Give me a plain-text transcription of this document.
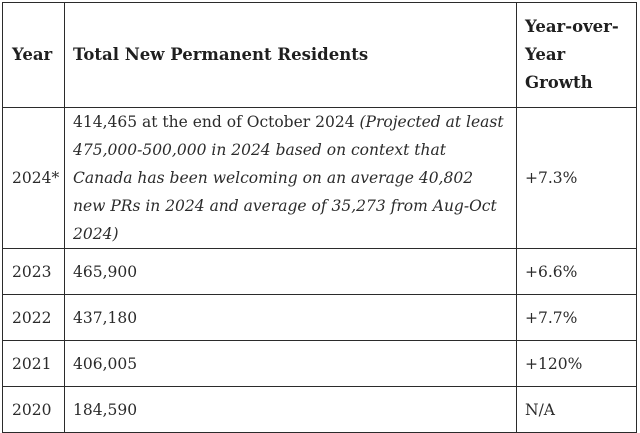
Year	Total New Permanent Residents	Year-over-Year Growth
2024*	414,465 at the end of October 2024 (Projected at least 475,000-500,000 in 2024 based on context that Canada has been welcoming on an average 40,802 new PRs in 2024 and average of 35,273 from Aug-Oct 2024)	+7.3%
2023	465,900	+6.6%
2022	437,180	+7.7%
2021	406,005	+120%
2020	184,590	N/A
